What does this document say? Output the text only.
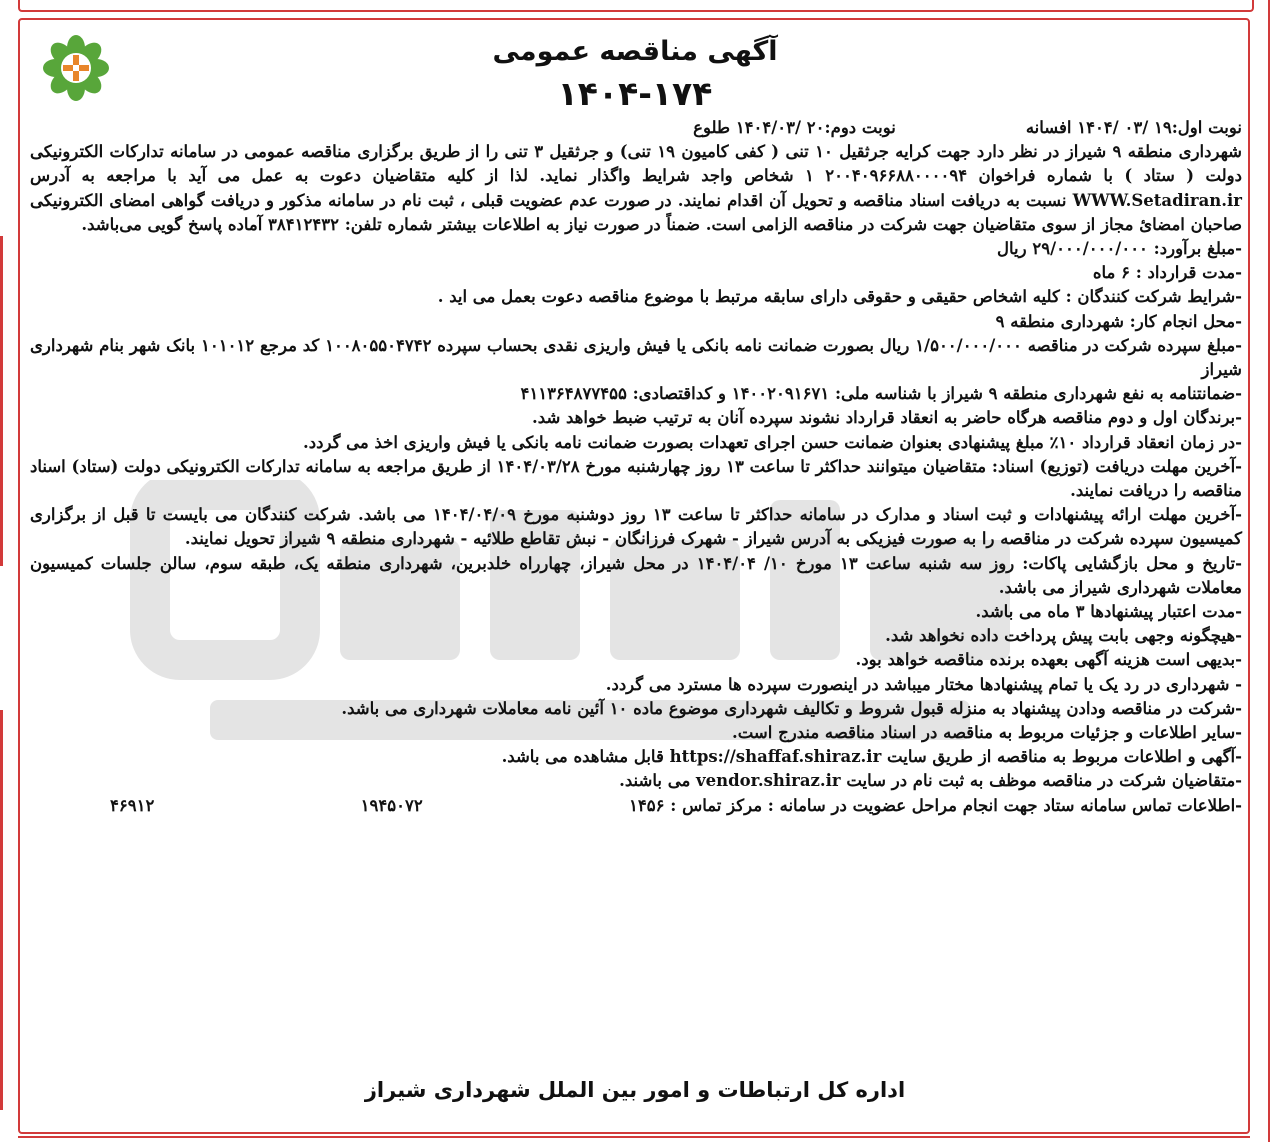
آگهی مناقصه عمومی
۱۴۰۴-۱۷۴
نوبت اول:۱۹ /۰۳ /۱۴۰۴ افسانه
نوبت دوم:۲۰ /۱۴۰۴/۰۳ طلوع

شهرداری منطقه ۹ شیراز در نظر دارد جهت کرایه جرثقیل ۱۰ تنی ( کفی کامیون ۱۹ تنی) و جرثقیل ۳ تنی را از طریق برگزاری مناقصه عمومی در سامانه تدارکات الکترونیکی دولت ( ستاد ) با شماره فراخوان ۲۰۰۴۰۹۶۶۸۸۰۰۰۰۹۴ ۱ شخاص واجد شرایط واگذار نماید. لذا از کلیه متقاضیان دعوت به عمل می آید با مراجعه به آدرس WWW.Setadiran.ir نسبت به دریافت اسناد مناقصه و تحویل آن اقدام نمایند. در صورت عدم عضویت قبلی ، ثبت نام در سامانه مذکور و دریافت گواهی امضای الکترونیکی صاحبان امضائ مجاز از سوی متقاضیان جهت شرکت در مناقصه الزامی است. ضمناً در صورت نیاز به اطلاعات بیشتر شماره تلفن: ۳۸۴۱۲۴۳۲ آماده پاسخ گویی می‌باشد.

-مبلغ برآورد: ۲۹/۰۰۰/۰۰۰/۰۰۰ ریال

-مدت قرارداد : ۶ ماه

-شرایط شرکت کنندگان : کلیه اشخاص حقیقی و حقوقی دارای سابقه مرتبط با موضوع مناقصه دعوت بعمل می اید .

-محل انجام کار: شهرداری منطقه ۹

-مبلغ سپرده شرکت در مناقصه ۱/۵۰۰/۰۰۰/۰۰۰ ریال بصورت ضمانت نامه بانکی یا فیش واریزی نقدی بحساب سپرده ۱۰۰۸۰۵۵۰۴۷۴۲ کد مرجع ۱۰۱۰۱۲ بانک شهر بنام شهرداری شیراز

-ضمانتنامه به نفع شهرداری منطقه ۹ شیراز با شناسه ملی: ۱۴۰۰۲۰۹۱۶۷۱ و کداقتصادی: ۴۱۱۳۶۴۸۷۷۴۵۵

-برندگان اول و دوم مناقصه هرگاه حاضر به انعقاد قرارداد نشوند سپرده آنان به ترتیب ضبط خواهد شد.

-در زمان انعقاد قرارداد ۱۰٪ مبلغ پیشنهادی بعنوان ضمانت حسن اجرای تعهدات بصورت ضمانت نامه بانکی یا فیش واریزی اخذ می گردد.

-آخرین مهلت دریافت (توزیع) اسناد: متقاضیان میتوانند حداکثر تا ساعت ۱۳ روز چهارشنبه مورخ ۱۴۰۴/۰۳/۲۸ از طریق مراجعه به سامانه تدارکات الکترونیکی دولت (ستاد) اسناد مناقصه را دریافت نمایند.

-آخرین مهلت ارائه پیشنهادات و ثبت اسناد و مدارک در سامانه حداکثر تا ساعت ۱۳ روز دوشنبه مورخ ۱۴۰۴/۰۴/۰۹ می باشد. شرکت کنندگان می بایست تا قبل از برگزاری کمیسیون سپرده شرکت در مناقصه را به صورت فیزیکی به آدرس شیراز - شهرک فرزانگان - نبش تقاطع طلائیه - شهرداری منطقه ۹ شیراز تحویل نمایند.

-تاریخ و محل بازگشایی پاکات: روز سه شنبه ساعت ۱۳ مورخ ۱۰/ ۱۴۰۴/۰۴ در محل شیراز، چهارراه خلدبرین، شهرداری منطقه یک، طبقه سوم، سالن جلسات کمیسیون معاملات شهرداری شیراز می باشد.

-مدت اعتبار پیشنهادها ۳ ماه می باشد.

-هیچگونه وجهی بابت پیش پرداخت داده نخواهد شد.

-بدیهی است هزینه آگهی بعهده برنده مناقصه خواهد بود.

- شهرداری در رد یک یا تمام پیشنهادها مختار میباشد در اینصورت سپرده ها مسترد می گردد.

-شرکت در مناقصه ودادن پیشنهاد به منزله قبول شروط و تکالیف شهرداری موضوع ماده ۱۰ آئین نامه معاملات شهرداری می باشد.

-سایر اطلاعات و جزئیات مربوط به مناقصه در اسناد مناقصه مندرج است.

-آگهی و اطلاعات مربوط به مناقصه از طریق سایت https://shaffaf.shiraz.ir قابل مشاهده می باشد.

-متقاضیان شرکت در مناقصه موظف به ثبت نام در سایت vendor.shiraz.ir می باشند.

-اطلاعات تماس سامانه ستاد جهت انجام مراحل عضویت در سامانه : مرکز تماس : ۱۴۵۶
۱۹۴۵۰۷۲
۴۶۹۱۲
اداره کل ارتباطات و امور بین الملل شهرداری شیراز
